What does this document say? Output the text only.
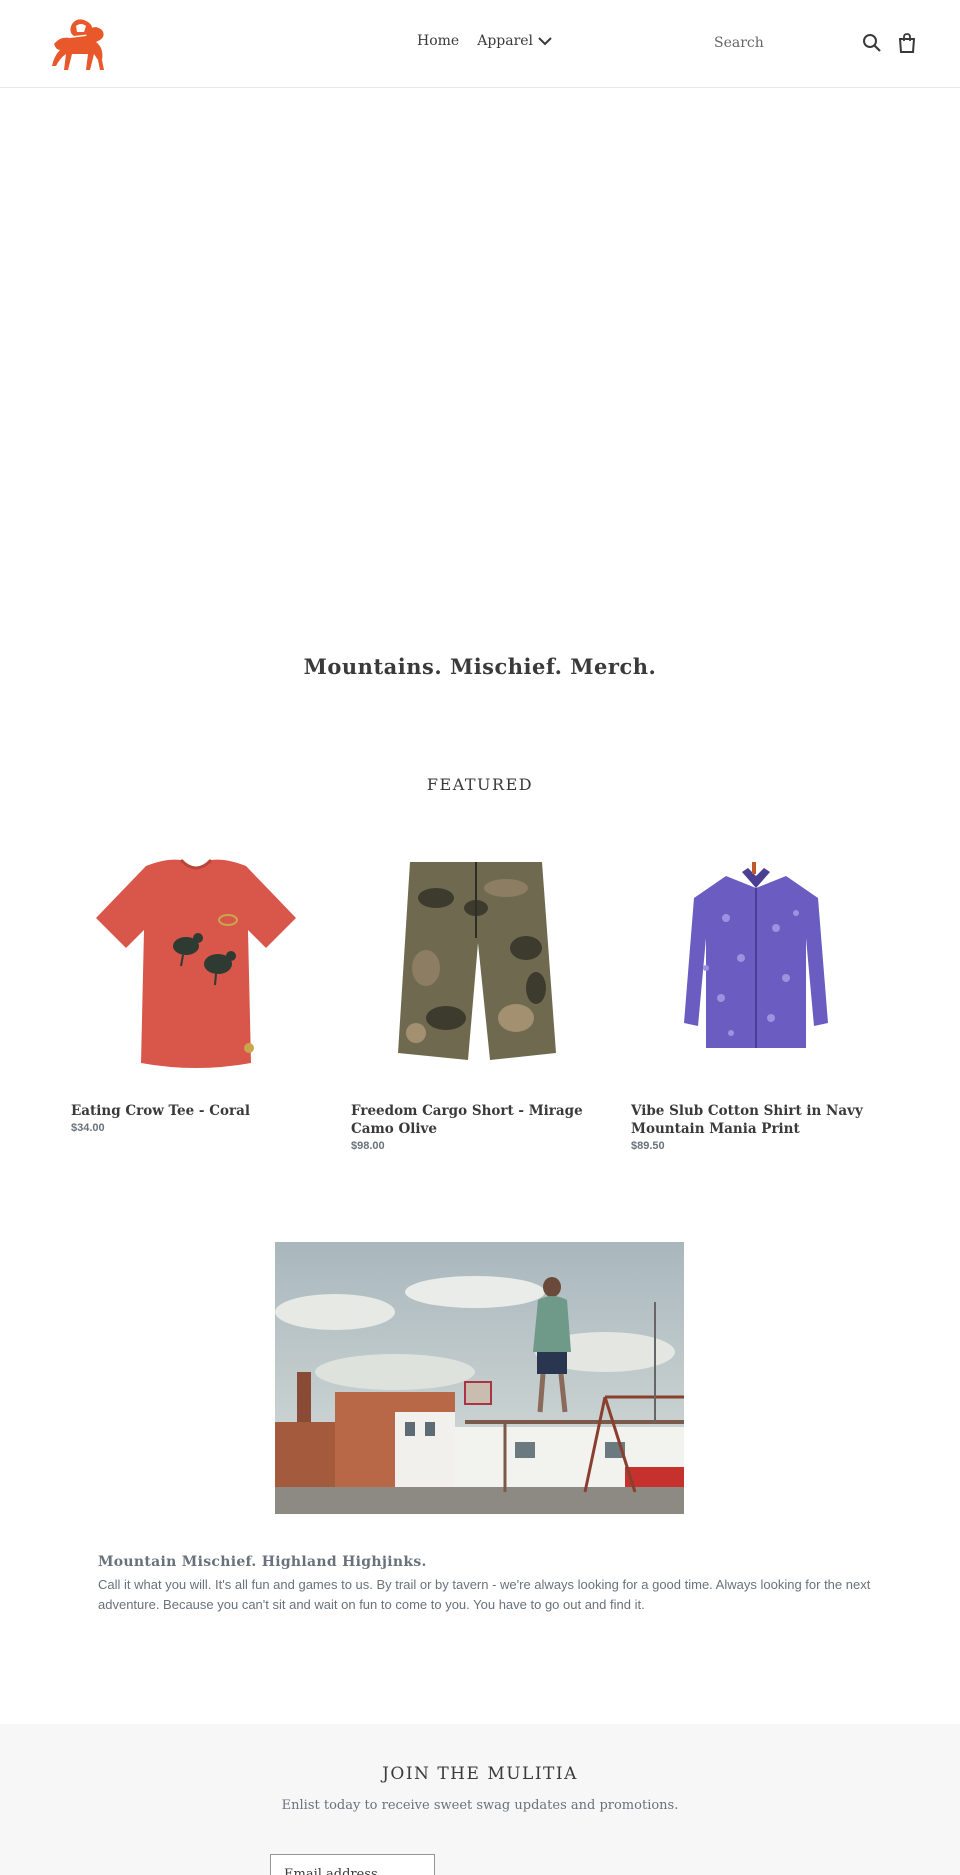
Home Apparel
Search
Mountains. Mischief. Merch.
FEATURED
Eating Crow Tee - Coral
$34.00
Freedom Cargo Short - Mirage Camo Olive
$98.00
Vibe Slub Cotton Shirt in Navy Mountain Mania Print
$89.50
Mountain Mischief. Highland Highjinks.
Call it what you will. It's all fun and games to us. By trail or by tavern - we're always looking for a good time. Always looking for the next adventure. Because you can't sit and wait on fun to come to you. You have to go out and find it.
JOIN THE MULITIA
Enlist today to receive sweet swag updates and promotions.
Email address
